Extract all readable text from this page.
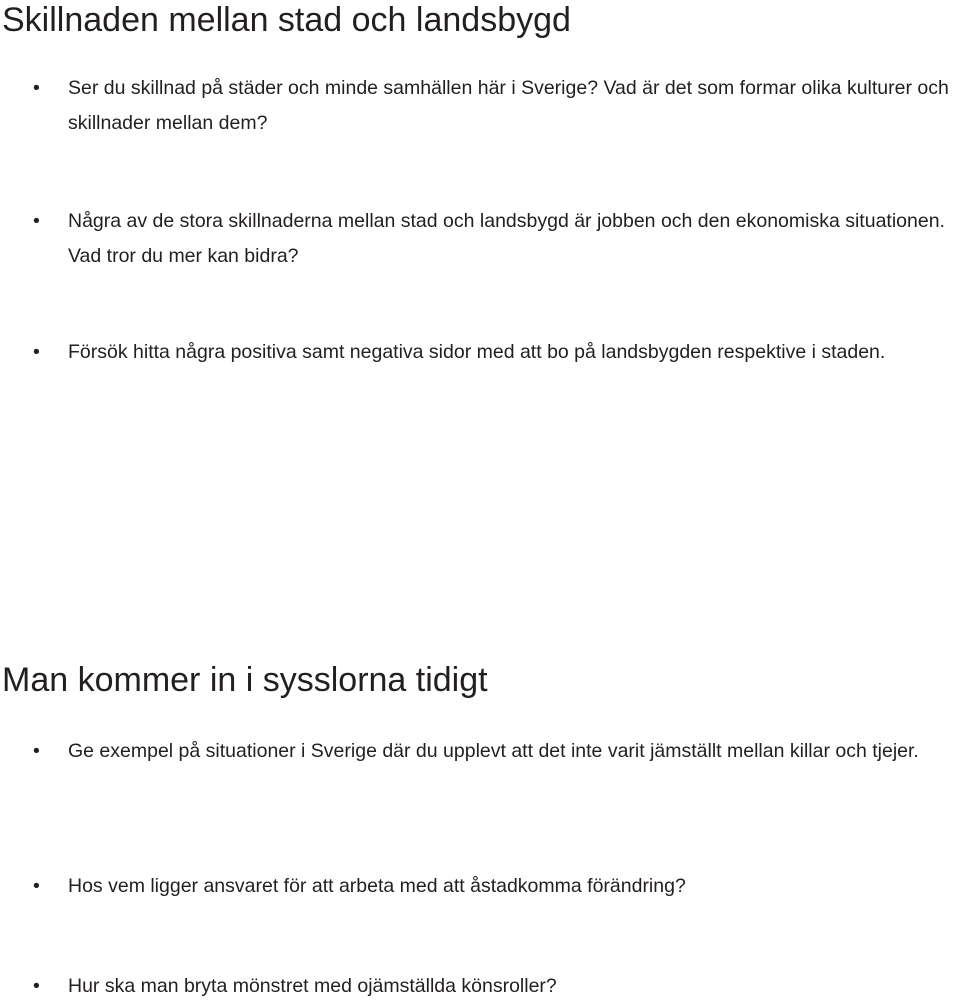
Skillnaden mellan stad och landsbygd
• Ser du skillnad på städer och minde samhällen här i Sverige? Vad är det som formar olika kulturer och skillnader mellan dem?
• Några av de stora skillnaderna mellan stad och landsbygd är jobben och den ekonomiska situationen. Vad tror du mer kan bidra?
• Försök hitta några positiva samt negativa sidor med att bo på landsbygden respektive i staden.
Man kommer in i sysslorna tidigt
• Ge exempel på situationer i Sverige där du upplevt att det inte varit jämställt mellan killar och tjejer.
• Hos vem ligger ansvaret för att arbeta med att åstadkomma förändring?
• Hur ska man bryta mönstret med ojämställda könsroller?
